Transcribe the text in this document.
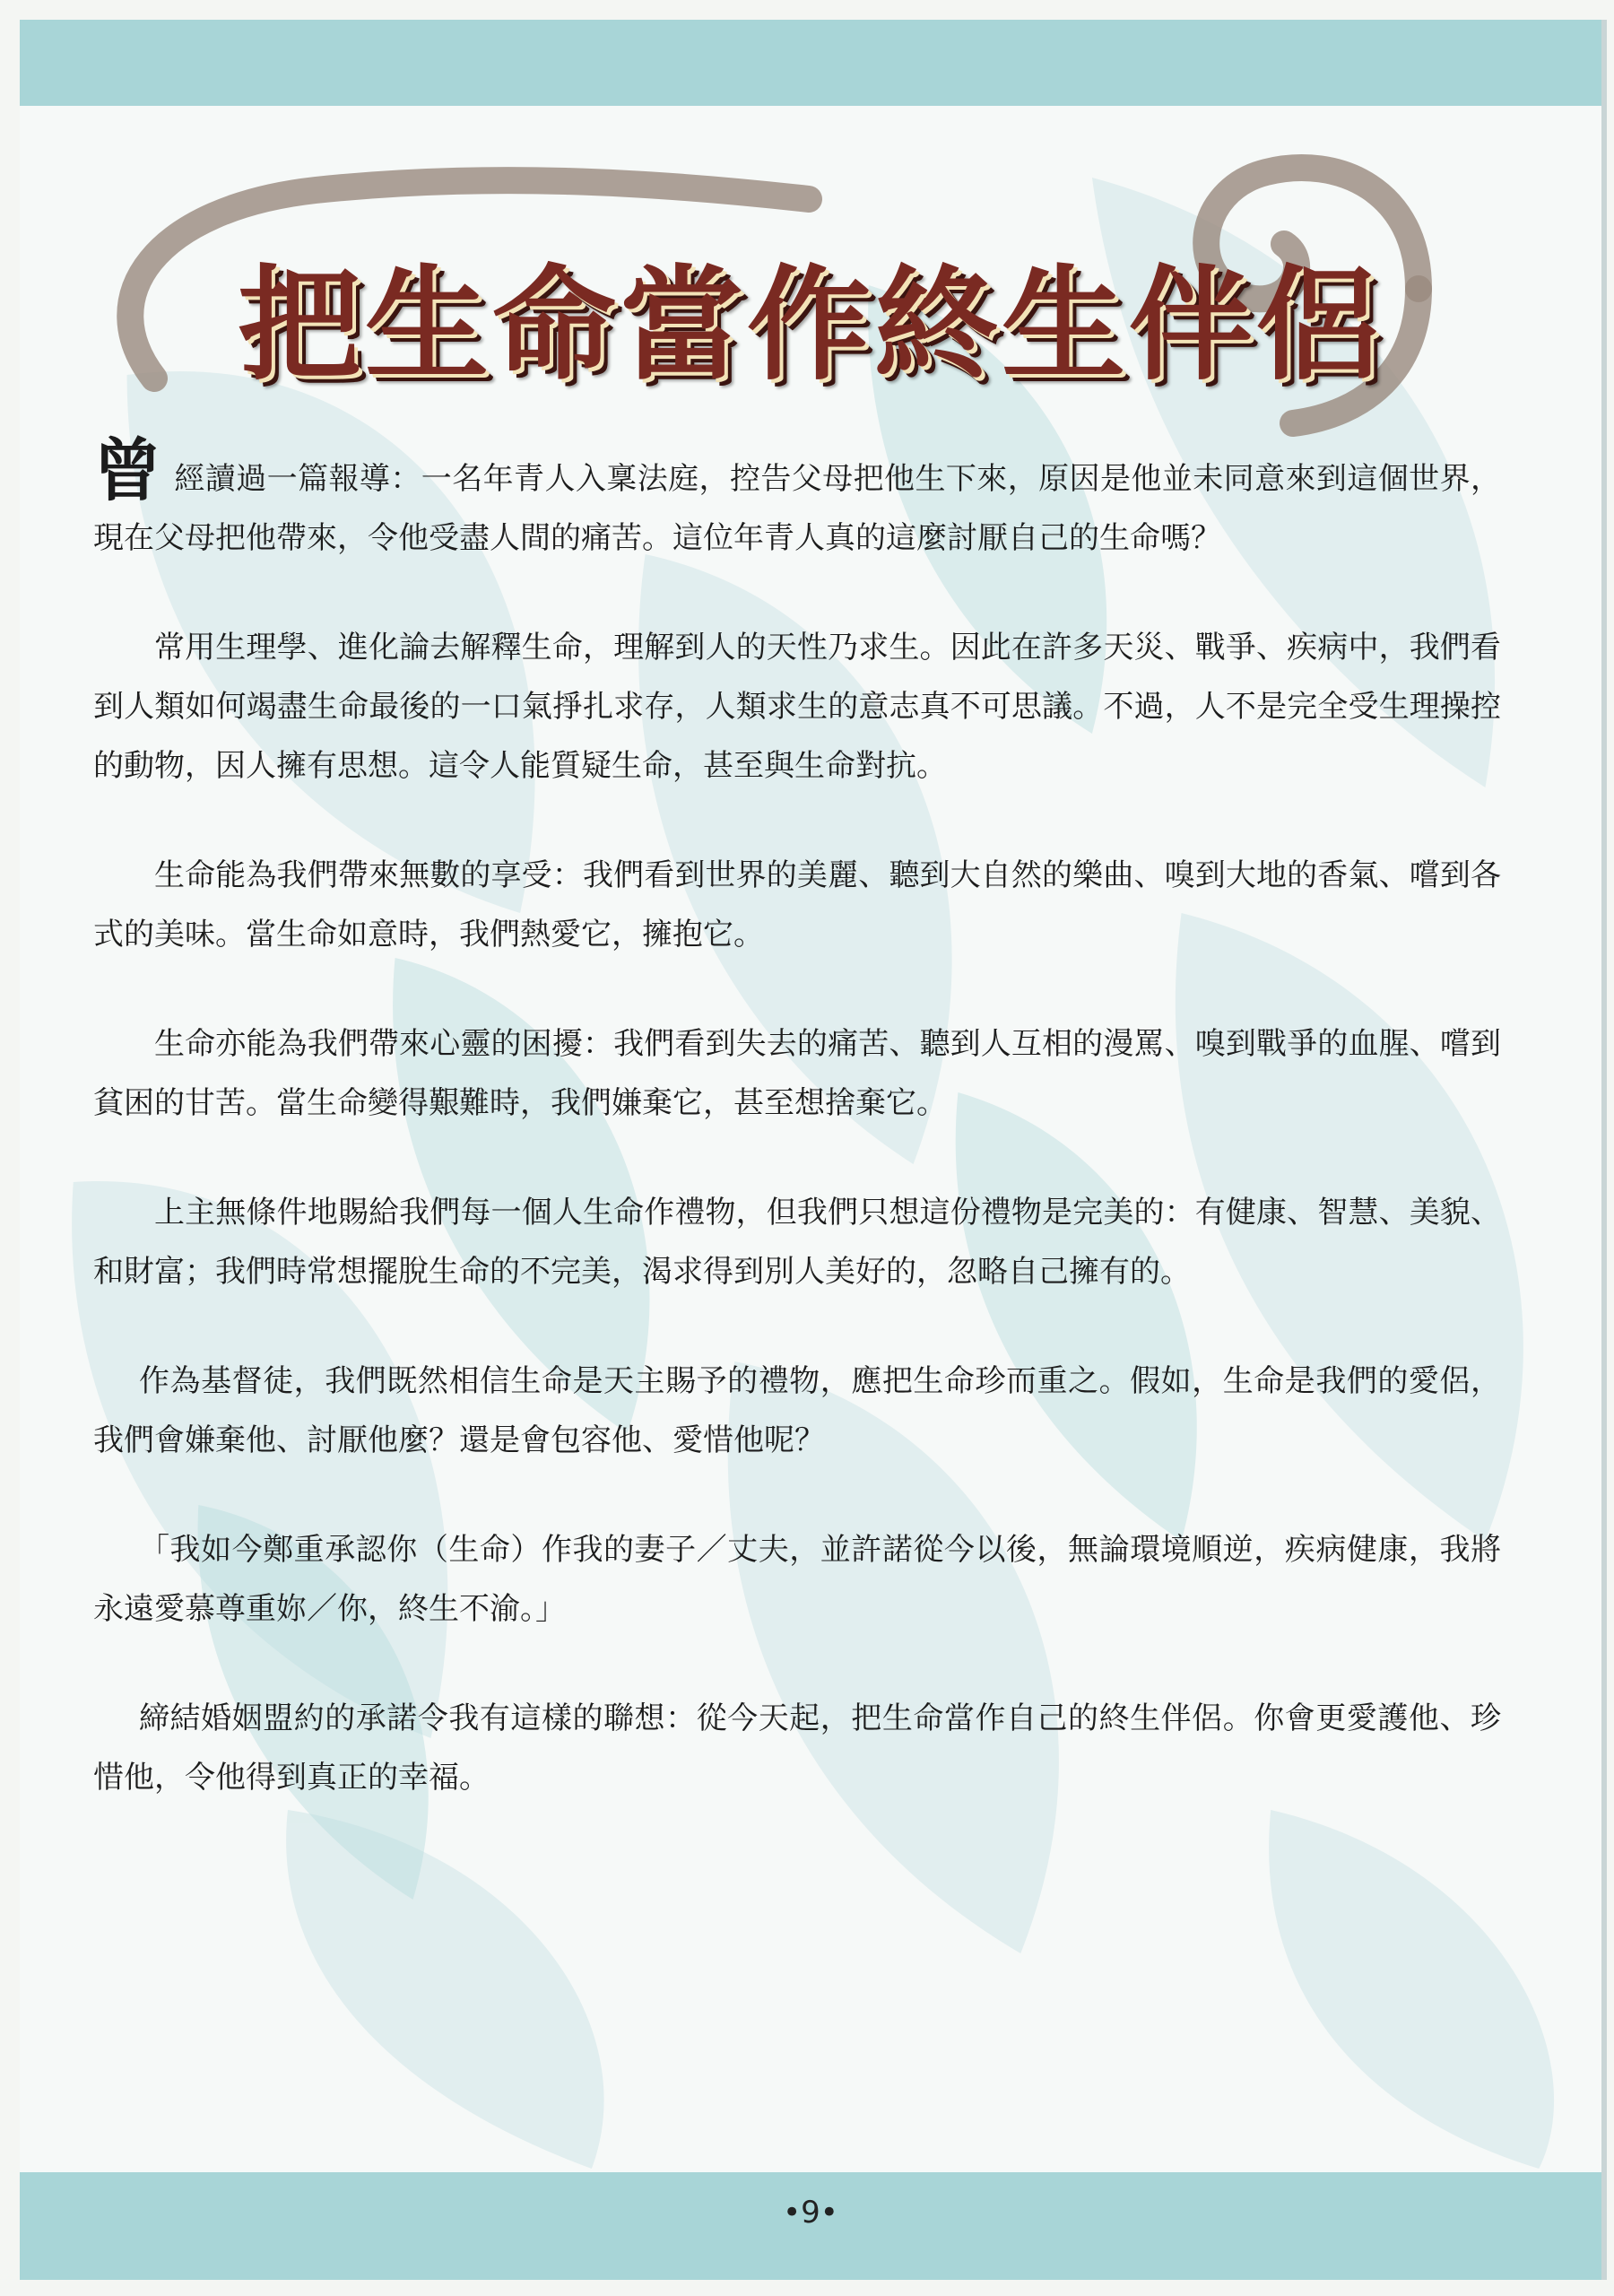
把生命當作終生伴侶

曾經讀過一篇報導：一名年青人入稟法庭，控告父母把他生下來，原因是他並未同意來到這個世界，現在父母把他帶來，令他受盡人間的痛苦。這位年青人真的這麼討厭自己的生命嗎？

常用生理學、進化論去解釋生命，理解到人的天性乃求生。因此在許多天災、戰爭、疾病中，我們看到人類如何竭盡生命最後的一口氣掙扎求存，人類求生的意志真不可思議。不過，人不是完全受生理操控的動物，因人擁有思想。這令人能質疑生命，甚至與生命對抗。

生命能為我們帶來無數的享受：我們看到世界的美麗、聽到大自然的樂曲、嗅到大地的香氣、嚐到各式的美味。當生命如意時，我們熱愛它，擁抱它。

生命亦能為我們帶來心靈的困擾：我們看到失去的痛苦、聽到人互相的漫罵、嗅到戰爭的血腥、嚐到貧困的甘苦。當生命變得艱難時，我們嫌棄它，甚至想捨棄它。

上主無條件地賜給我們每一個人生命作禮物，但我們只想這份禮物是完美的：有健康、智慧、美貌、和財富；我們時常想擺脫生命的不完美，渴求得到別人美好的，忽略自己擁有的。

作為基督徒，我們既然相信生命是天主賜予的禮物，應把生命珍而重之。假如，生命是我們的愛侶，我們會嫌棄他、討厭他麼？還是會包容他、愛惜他呢？

「我如今鄭重承認你（生命）作我的妻子／丈夫，並許諾從今以後，無論環境順逆，疾病健康，我將永遠愛慕尊重妳／你，終生不渝。」

締結婚姻盟約的承諾令我有這樣的聯想：從今天起，把生命當作自己的終生伴侶。你會更愛護他、珍惜他，令他得到真正的幸福。

•9•
